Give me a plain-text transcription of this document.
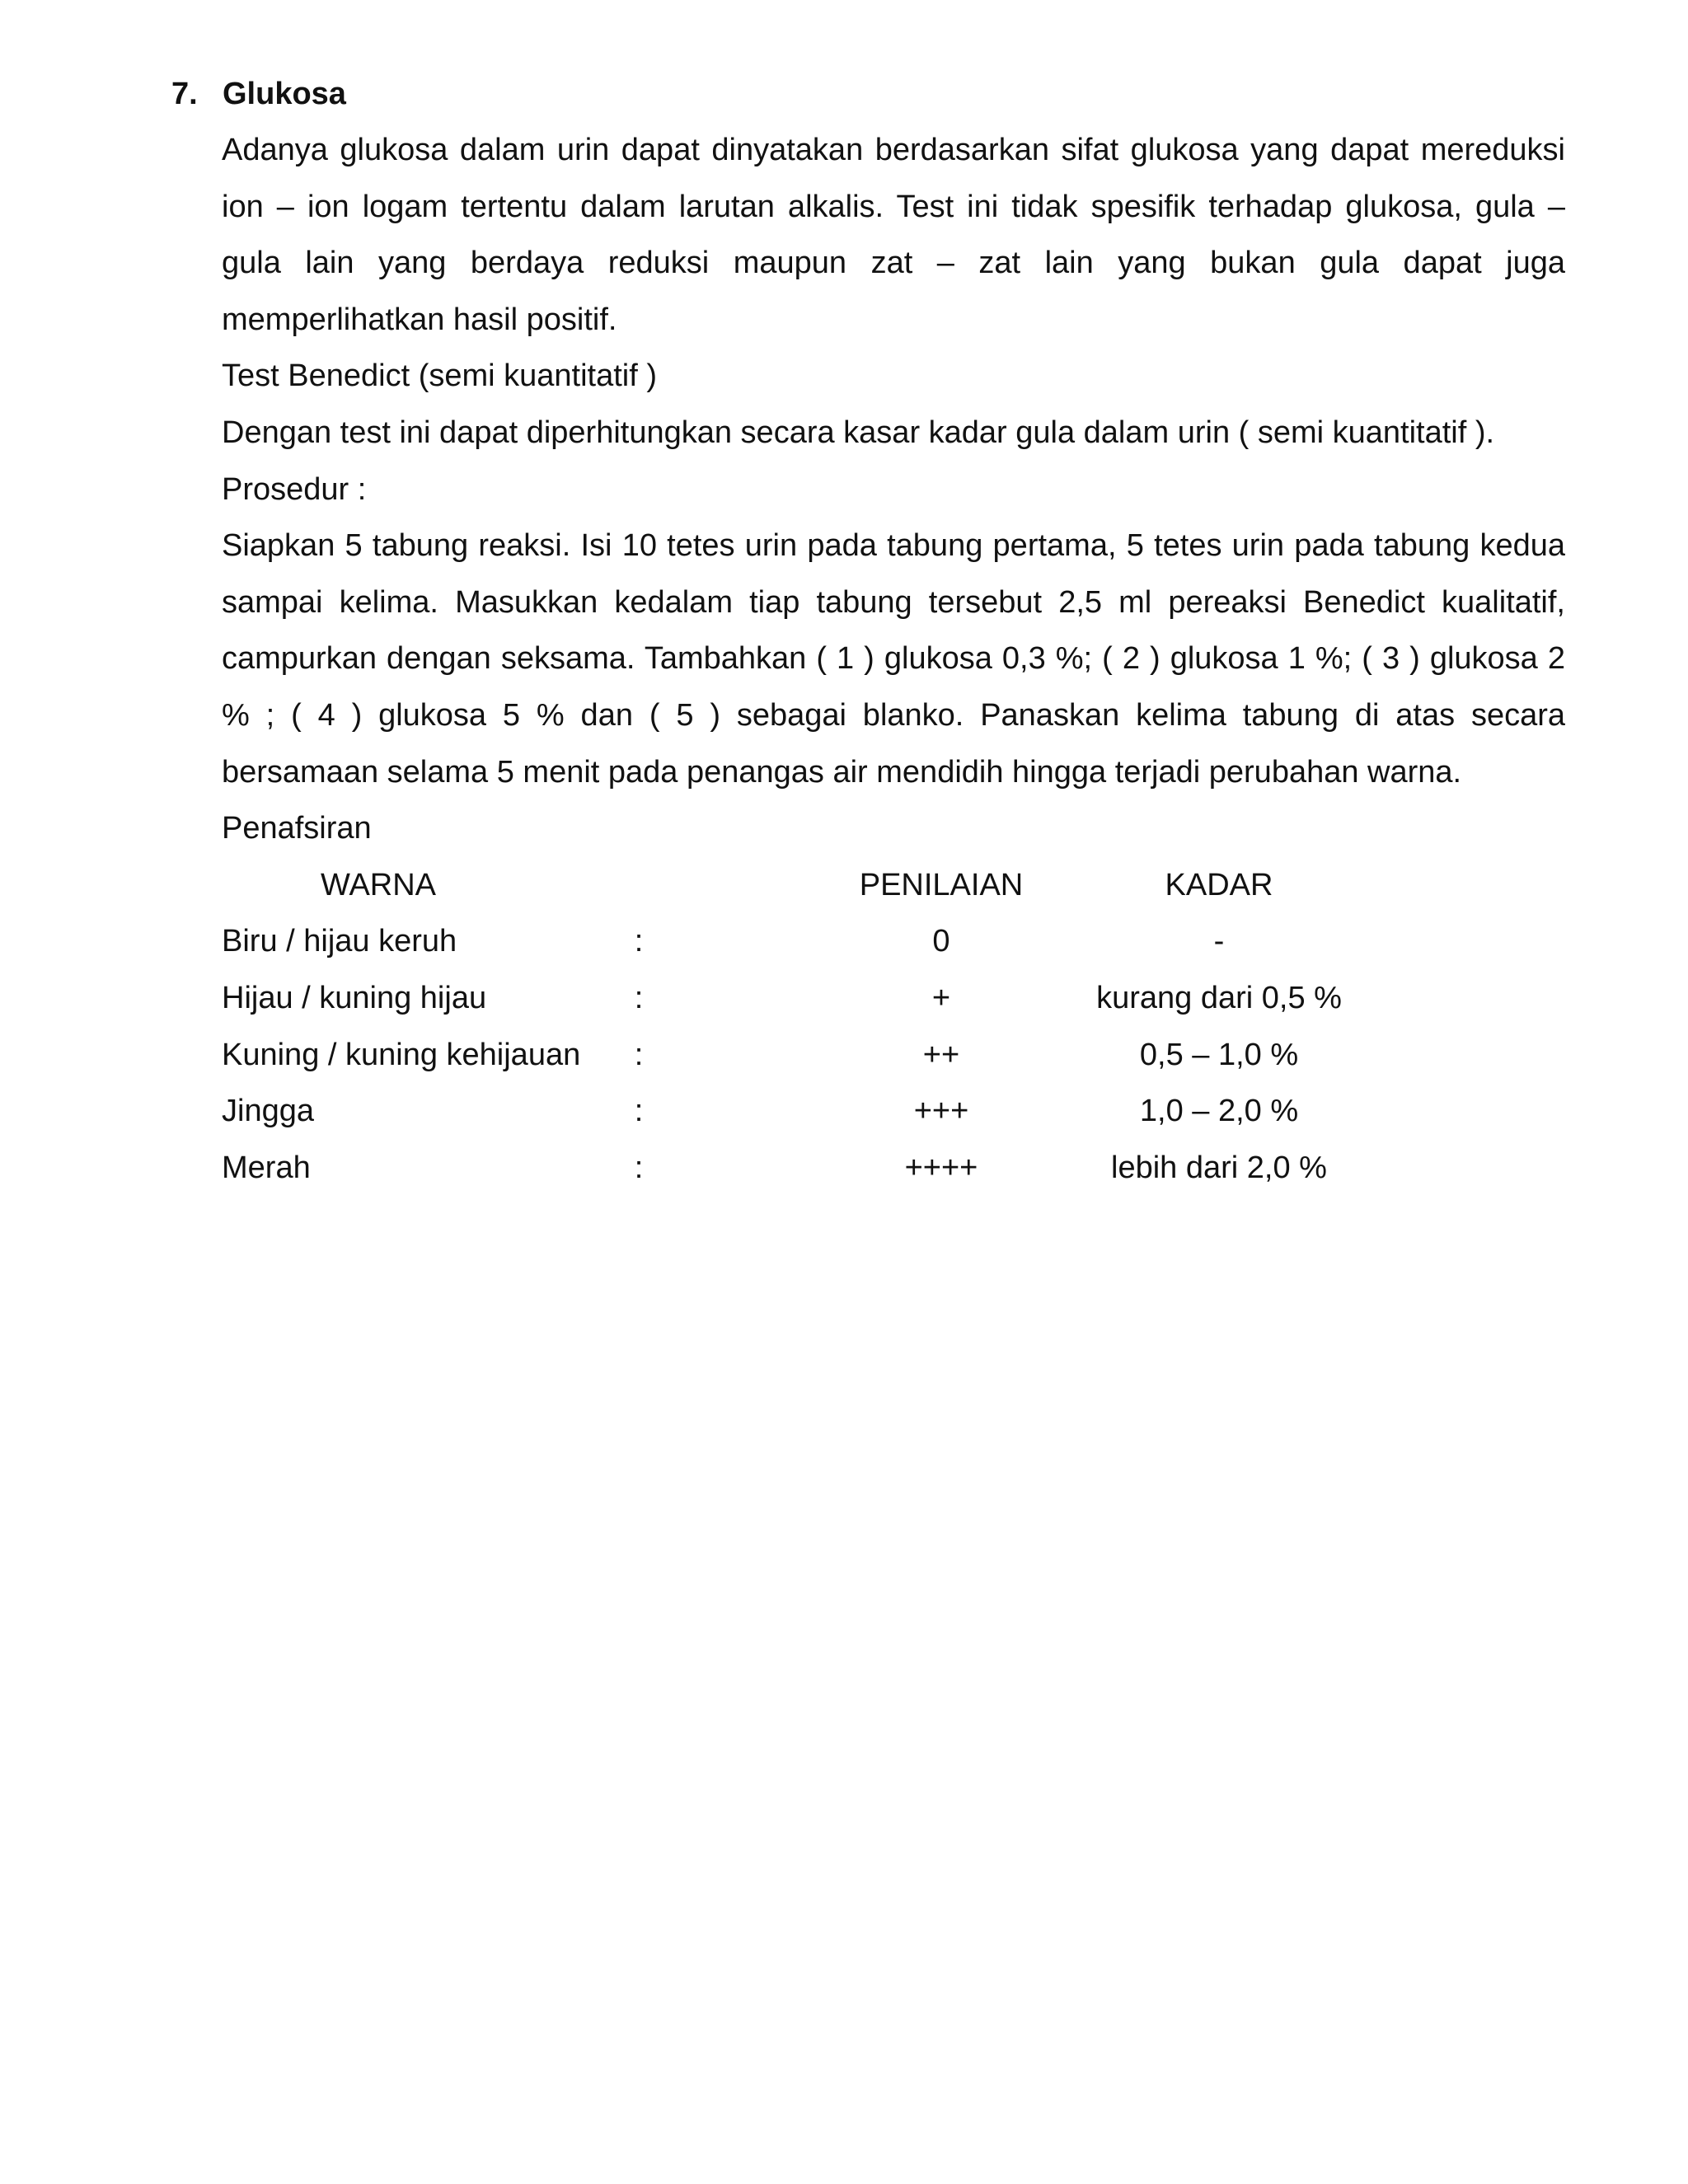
7. Glukosa

Adanya glukosa dalam urin dapat dinyatakan berdasarkan sifat glukosa yang dapat mereduksi ion – ion logam tertentu dalam larutan alkalis. Test ini tidak spesifik terhadap glukosa, gula – gula lain yang berdaya reduksi maupun zat – zat lain yang bukan gula dapat juga memperlihatkan hasil positif.

Test Benedict (semi kuantitatif )

Dengan test ini dapat diperhitungkan secara kasar kadar gula dalam urin ( semi kuantitatif ).

Prosedur :

Siapkan 5 tabung reaksi. Isi 10 tetes urin pada tabung pertama, 5 tetes urin pada tabung kedua sampai kelima. Masukkan kedalam tiap tabung tersebut 2,5 ml pereaksi Benedict kualitatif, campurkan dengan seksama. Tambahkan ( 1 ) glukosa 0,3 %; ( 2 ) glukosa 1 %; ( 3 ) glukosa 2 % ; ( 4 ) glukosa 5 % dan ( 5 ) sebagai blanko. Panaskan kelima tabung di atas secara bersamaan selama 5 menit pada penangas air mendidih hingga terjadi perubahan warna.

Penafsiran

WARNA	PENILAIAN	KADAR
Biru / hijau keruh	:	0	-
Hijau / kuning hijau	:	+	kurang dari 0,5 %
Kuning / kuning kehijauan :	++	0,5 – 1,0 %
Jingga	:	+++	1,0 – 2,0 %
Merah	:	++++	lebih dari 2,0 %
